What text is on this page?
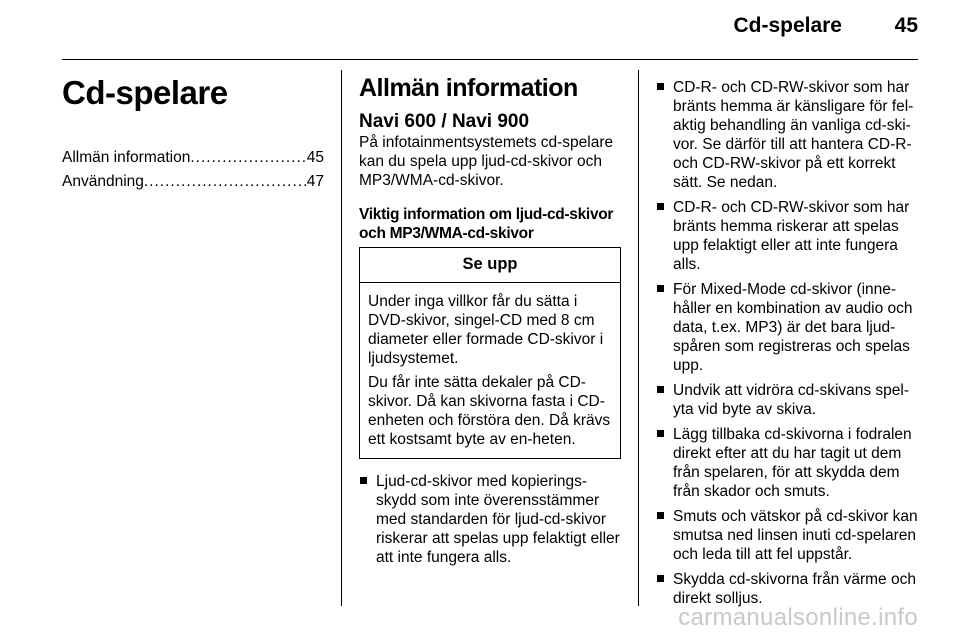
Cd-spelare	45
Cd-spelare
Allmän information .....	45
Användning .....	47
Allmän information
Navi 600 / Navi 900

På infotainmentsystemets cd-spelare kan du spela upp ljud-cd-skivor och MP3/WMA-cd-skivor.

Viktig information om ljud-cd-skivor och MP3/WMA-cd-skivor

Se upp

Under inga villkor får du sätta i DVD-skivor, singel-CD med 8 cm diameter eller formade CD-skivor i ljudsystemet.

Du får inte sätta dekaler på CD-skivor. Då kan skivorna fasta i CD-enheten och förstöra den. Då krävs ett kostsamt byte av en-heten.

Ljud-cd-skivor med kopierings-skydd som inte överensstämmer med standarden för ljud-cd-skivor riskerar att spelas upp felaktigt eller att inte fungera alls.
CD-R- och CD-RW-skivor som har bränts hemma är känsligare för fel-aktig behandling än vanliga cd-ski-vor. Se därför till att hantera CD-R- och CD-RW-skivor på ett korrekt sätt. Se nedan.
CD-R- och CD-RW-skivor som har bränts hemma riskerar att spelas upp felaktigt eller att inte fungera alls.
För Mixed-Mode cd-skivor (inne-håller en kombination av audio och data, t.ex. MP3) är det bara ljud-spåren som registreras och spelas upp.
Undvik att vidröra cd-skivans spel-yta vid byte av skiva.
Lägg tillbaka cd-skivorna i fodralen direkt efter att du har tagit ut dem från spelaren, för att skydda dem från skador och smuts.
Smuts och vätskor på cd-skivor kan smutsa ned linsen inuti cd-spelaren och leda till att fel uppstår.
Skydda cd-skivorna från värme och direkt solljus.
carmanualsonline.info
